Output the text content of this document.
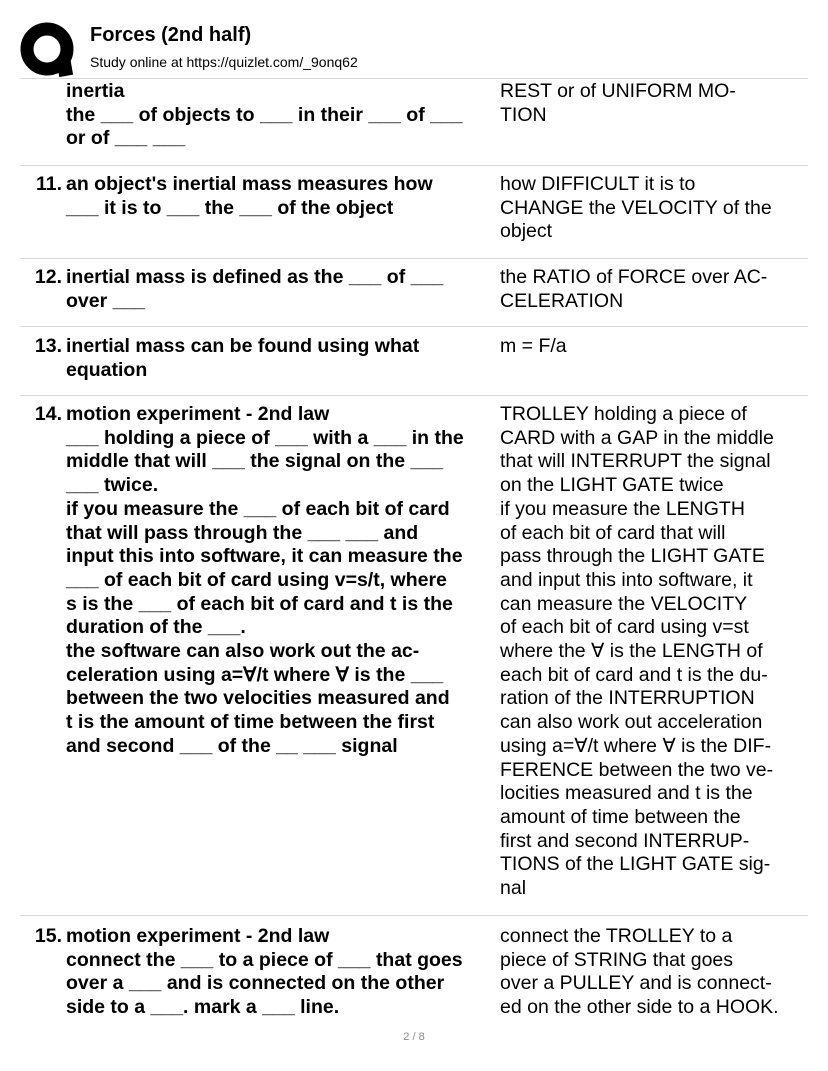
Forces (2nd half)
Study online at https://quizlet.com/_9onq62
inertia
the ___ of objects to ___ in their ___ of ___
or of ___ ___
REST or of UNIFORM MO-
TION
11. an object's inertial mass measures how
___ it is to ___ the ___ of the object
how DIFFICULT it is to
CHANGE the VELOCITY of the
object
12. inertial mass is defined as the ___ of ___
over ___
the RATIO of FORCE over AC-
CELERATION
13. inertial mass can be found using what
equation
m = F/a
14. motion experiment - 2nd law
___ holding a piece of ___ with a ___ in the
middle that will ___ the signal on the ___
___ twice.
if you measure the ___ of each bit of card
that will pass through the ___ ___ and
input this into software, it can measure the
___ of each bit of card using v=s/t, where
s is the ___ of each bit of card and t is the
duration of the ___.
the software can also work out the ac-
celeration using a=∀/t where ∀ is the ___
between the two velocities measured and
t is the amount of time between the first
and second ___ of the __ ___ signal
TROLLEY holding a piece of
CARD with a GAP in the middle
that will INTERRUPT the signal
on the LIGHT GATE twice
if you measure the LENGTH
of each bit of card that will
pass through the LIGHT GATE
and input this into software, it
can measure the VELOCITY
of each bit of card using v=st
where the ∀ is the LENGTH of
each bit of card and t is the du-
ration of the INTERRUPTION
can also work out acceleration
using a=∀/t where ∀ is the DIF-
FERENCE between the two ve-
locities measured and t is the
amount of time between the
first and second INTERRUP-
TIONS of the LIGHT GATE sig-
nal
15. motion experiment - 2nd law
connect the ___ to a piece of ___ that goes
over a ___ and is connected on the other
side to a ___. mark a ___ line.
connect the TROLLEY to a
piece of STRING that goes
over a PULLEY and is connect-
ed on the other side to a HOOK.
2 / 8
